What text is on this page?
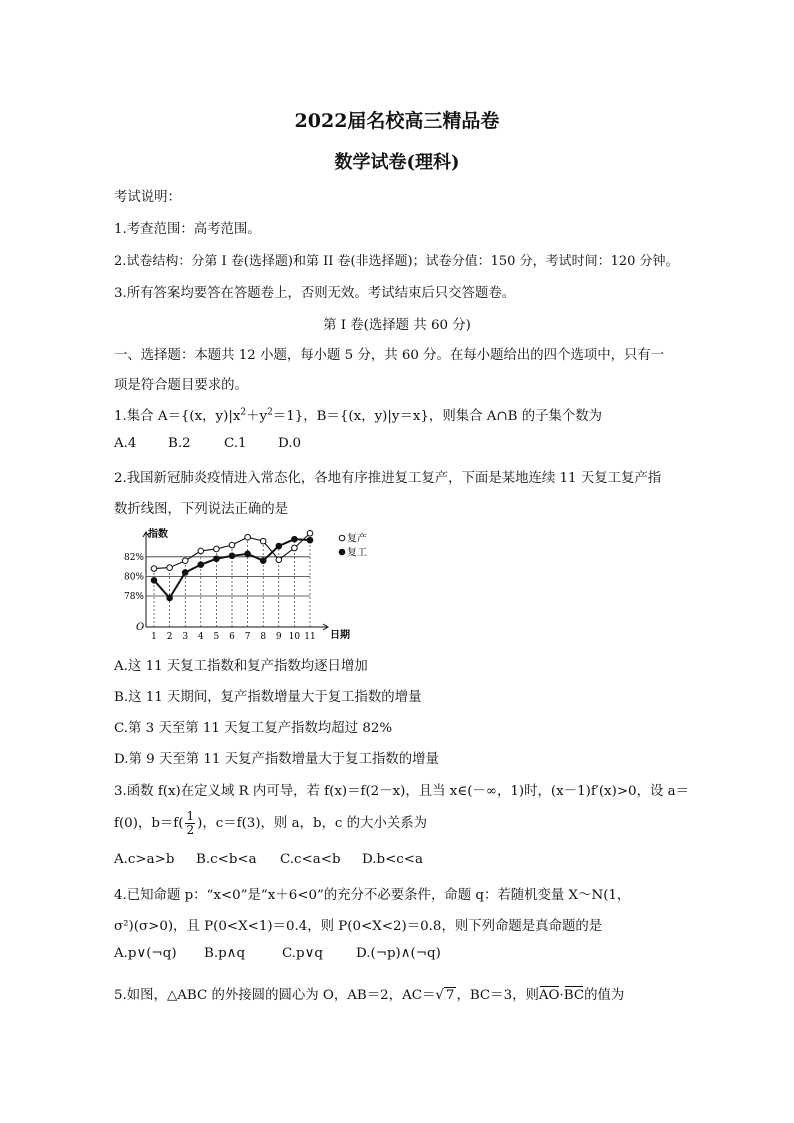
2022届名校高三精品卷
数学试卷(理科)
考试说明：
1.考查范围：高考范围。
2.试卷结构：分第 I 卷(选择题)和第 II 卷(非选择题)；试卷分值：150 分，考试时间：120 分钟。
3.所有答案均要答在答题卷上，否则无效。考试结束后只交答题卷。
第 I 卷(选择题 共 60 分)
一、选择题：本题共 12 小题，每小题 5 分，共 60 分。在每小题给出的四个选项中，只有一
项是符合题目要求的。
1.集合 A＝{(x，$y)|x^2+y^2=1$}，B＝{(x，y)|y＝x}，则集合 A∩B 的子集个数为
A.4 B.2 C.1 D.0
2.我国新冠肺炎疫情进入常态化，各地有序推进复工复产，下面是某地连续 11 天复工复产指
数折线图，下列说法正确的是
指数
日期
O
78%
80%
82%
1 2 3 4 5 6 7 8 9 10 11
复产
复工
A.这 11 天复工指数和复产指数均逐日增加
B.这 11 天期间，复产指数增量大于复工指数的增量
C.第 3 天至第 11 天复工复产指数均超过 82%
D.第 9 天至第 11 天复产指数增量大于复工指数的增量
3.函数 f(x)在定义域 R 内可导，若 f(x)＝f(2－x)，且当 x∈(－∞，1)时，(x－1)f′(x)>0，设 a＝
f(0)，$b=f( \frac{1}{2}$ )，c＝f(3)，则 a，b，c 的大小关系为
A.c>a>b B.c<b<a C.c<a<b D.b<c<a
4.已知命题 p：“x<0”是“x＋6<0”的充分不必要条件，命题 q：若随机变量 X～N(1，
σ²)(σ>0)，且 P(0<X<1)＝0.4，则 P(0<X<2)＝0.8，则下列命题是真命题的是
A.p∨(¬q) B.p∧q	C.p∨q D.(¬p)∧(¬q)
5.如图，△ABC 的外接圆的圆心为 O，AB＝2，AC＝√ 7 ，BC＝3，则AO·BC的值为
